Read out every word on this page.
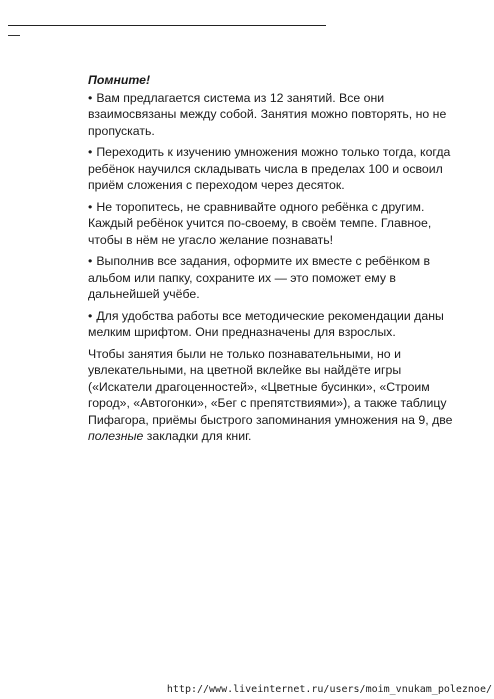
Помните!

• Вам предлагается система из 12 занятий. Все они взаимосвязаны между собой. Занятия можно повторять, но не пропускать.

• Переходить к изучению умножения можно только тогда, когда ребёнок научился складывать числа в пределах 100 и освоил приём сложения с переходом через десяток.

• Не торопитесь, не сравнивайте одного ребёнка с другим. Каждый ребёнок учится по-своему, в своём темпе. Главное, чтобы в нём не угасло желание познавать!

• Выполнив все задания, оформите их вместе с ребёнком в альбом или папку, сохраните их — это поможет ему в дальнейшей учёбе.

• Для удобства работы все методические рекомендации даны мелким шрифтом. Они предназначены для взрослых.

Чтобы занятия были не только познавательными, но и увлекательными, на цветной вклейке вы найдёте игры («Искатели драгоценностей», «Цветные бусинки», «Строим город», «Автогонки», «Бег с препятствиями»), а также таблицу Пифагора, приёмы быстрого запоминания умножения на 9, две полезные закладки для книг.

http://www.liveinternet.ru/users/moim_vnukam_poleznoe/
